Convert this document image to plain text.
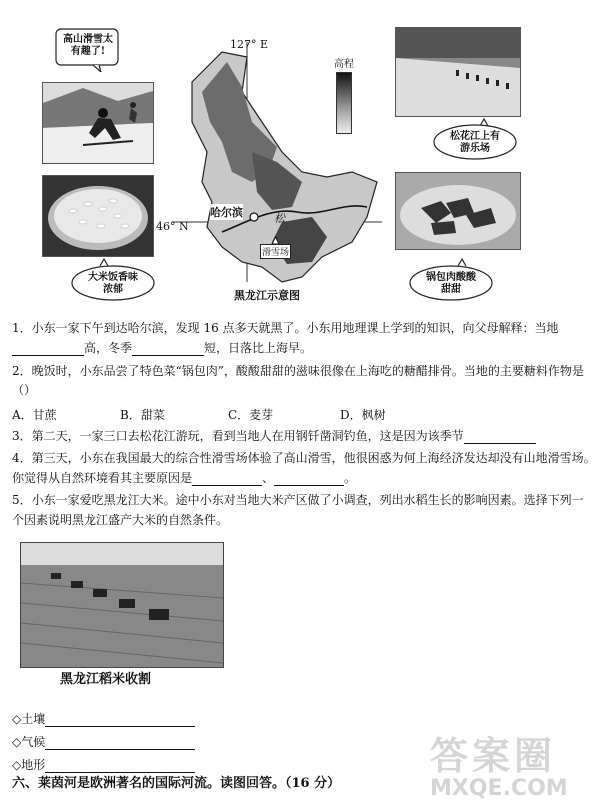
高山滑雪太有趣了!
大米饭香味浓郁
127° E
46° N
哈尔滨	松
滑雪场
黑龙江示意图
高程
松花江上有游乐场
锅包肉酸酸甜甜
1．小东一家下午到达哈尔滨，发现 16 点多天就黑了。小东用地理课上学到的知识，向父母解释：当地
高，冬季	短，日落比上海早。
2．晚饭时，小东品尝了特色菜“锅包肉”，酸酸甜甜的滋味很像在上海吃的糖醋排骨。当地的主要糖料作物是
（）
A．甘蔗	B．甜菜	C．麦芽	D．枫树
3．第二天，一家三口去松花江游玩，看到当地人在用钢钎凿洞钓鱼，这是因为该季节
4．第三天，小东在我国最大的综合性滑雪场体验了高山滑雪，他很困惑为何上海经济发达却没有山地滑雪场。
你觉得从自然环境看其主要原因是	、	。
5．小东一家爱吃黑龙江大米。途中小东对当地大米产区做了小调查，列出水稻生长的影响因素。选择下列一
个因素说明黑龙江盛产大米的自然条件。
黑龙江稻米收割
◇土壤
◇气候
◇地形
六、莱茵河是欧洲著名的国际河流。读图回答。（16 分）
答案圈
MXQE.COM
